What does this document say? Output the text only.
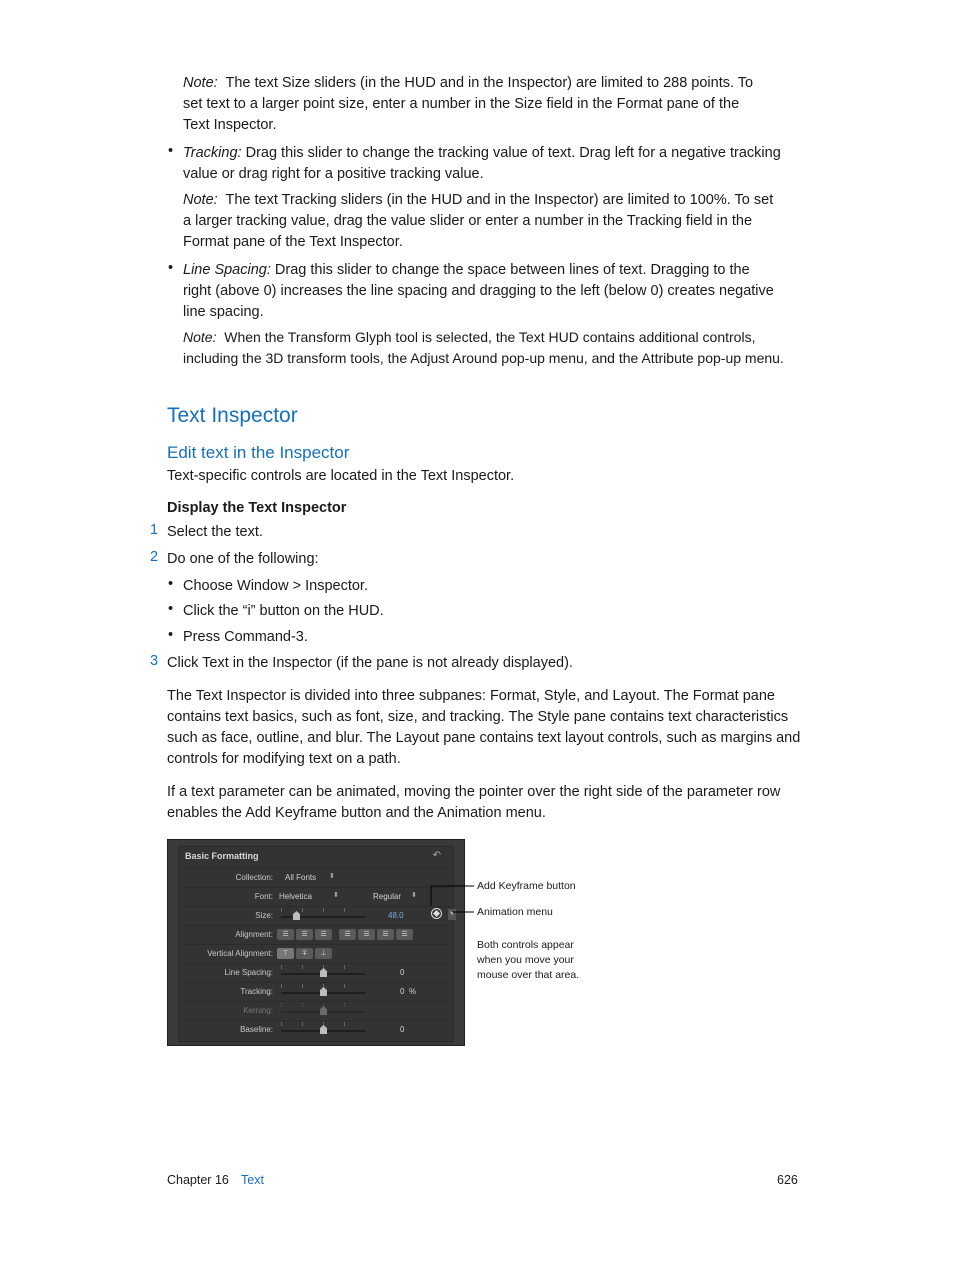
Note: The text Size sliders (in the HUD and in the Inspector) are limited to 288 points. To
set text to a larger point size, enter a number in the Size field in the Format pane of the
Text Inspector.
• Tracking: Drag this slider to change the tracking value of text. Drag left for a negative tracking
value or drag right for a positive tracking value.
Note: The text Tracking sliders (in the HUD and in the Inspector) are limited to 100%. To set
a larger tracking value, drag the value slider or enter a number in the Tracking field in the
Format pane of the Text Inspector.
• Line Spacing: Drag this slider to change the space between lines of text. Dragging to the
right (above 0) increases the line spacing and dragging to the left (below 0) creates negative
line spacing.
Note: When the Transform Glyph tool is selected, the Text HUD contains additional controls,
including the 3D transform tools, the Adjust Around pop-up menu, and the Attribute pop-up menu.
Text Inspector
Edit text in the Inspector
Text-specific controls are located in the Text Inspector.
Display the Text Inspector
1 Select the text.
2 Do one of the following:
• Choose Window > Inspector.
• Click the “i” button on the HUD.
• Press Command-3.
3 Click Text in the Inspector (if the pane is not already displayed).
The Text Inspector is divided into three subpanes: Format, Style, and Layout. The Format pane
contains text basics, such as font, size, and tracking. The Style pane contains text characteristics
such as face, outline, and blur. The Layout pane contains text layout controls, such as margins and
controls for modifying text on a path.
If a text parameter can be animated, moving the pointer over the right side of the parameter row
enables the Add Keyframe button and the Animation menu.
Basic Formatting	↶
Collection: All Fonts ⬍
Font: Helvetica	⬍	Regular ⬍
Size:	48.0	▼
Alignment:	☰	☰	☰	☰	☰	☰	☰
Vertical Alignment:	⊤	∓	⊥
Line Spacing:	0
Tracking:	0 %
Kerning:
Baseline:	0
Add Keyframe button
Animation menu
Both controls appear
when you move your
mouse over that area.
Chapter 16 Text	626
